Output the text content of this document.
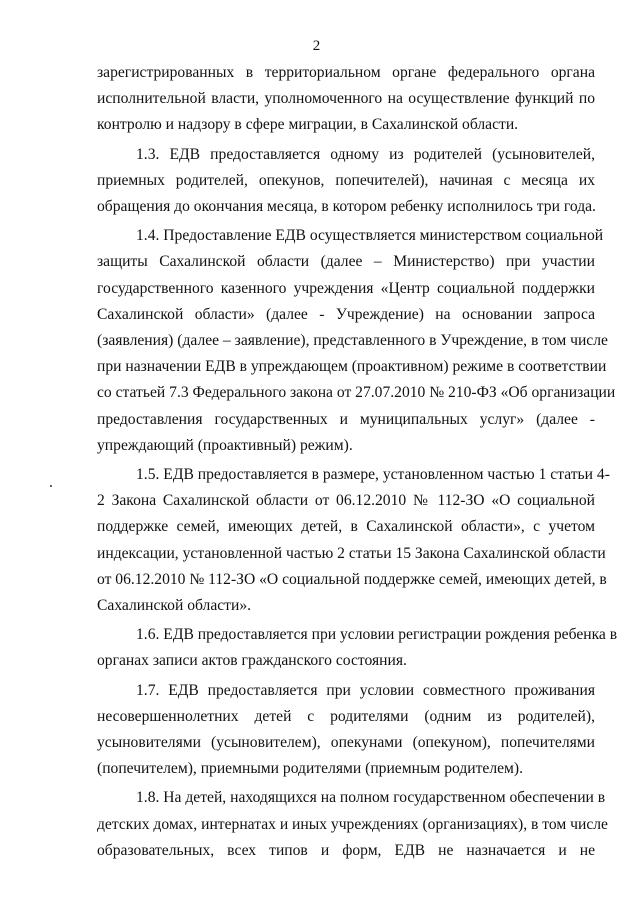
2

зарегистрированных в территориальном органе федерального органа
исполнительной власти, уполномоченного на осуществление функций по
контролю и надзору в сфере миграции, в Сахалинской области.

1.3. ЕДВ предоставляется одному из родителей (усыновителей,
приемных родителей, опекунов, попечителей), начиная с месяца их
обращения до окончания месяца, в котором ребенку исполнилось три года.

1.4. Предоставление ЕДВ осуществляется министерством социальной
защиты Сахалинской области (далее – Министерство) при участии
государственного казенного учреждения «Центр социальной поддержки
Сахалинской области» (далее - Учреждение) на основании запроса
(заявления) (далее – заявление), представленного в Учреждение, в том числе
при назначении ЕДВ в упреждающем (проактивном) режиме в соответствии
со статьей 7.3 Федерального закона от 27.07.2010 № 210-ФЗ «Об организации
предоставления государственных и муниципальных услуг» (далее -
упреждающий (проактивный) режим).

1.5. ЕДВ предоставляется в размере, установленном частью 1 статьи 4-
2 Закона Сахалинской области от 06.12.2010 № 112-ЗО «О социальной
поддержке семей, имеющих детей, в Сахалинской области», с учетом
индексации, установленной частью 2 статьи 15 Закона Сахалинской области
от 06.12.2010 № 112-ЗО «О социальной поддержке семей, имеющих детей, в
Сахалинской области».

1.6. ЕДВ предоставляется при условии регистрации рождения ребенка в
органах записи актов гражданского состояния.

1.7. ЕДВ предоставляется при условии совместного проживания
несовершеннолетних детей с родителями (одним из родителей),
усыновителями (усыновителем), опекунами (опекуном), попечителями
(попечителем), приемными родителями (приемным родителем).

1.8. На детей, находящихся на полном государственном обеспечении в
детских домах, интернатах и иных учреждениях (организациях), в том числе
образовательных, всех типов и форм, ЕДВ не назначается и не
